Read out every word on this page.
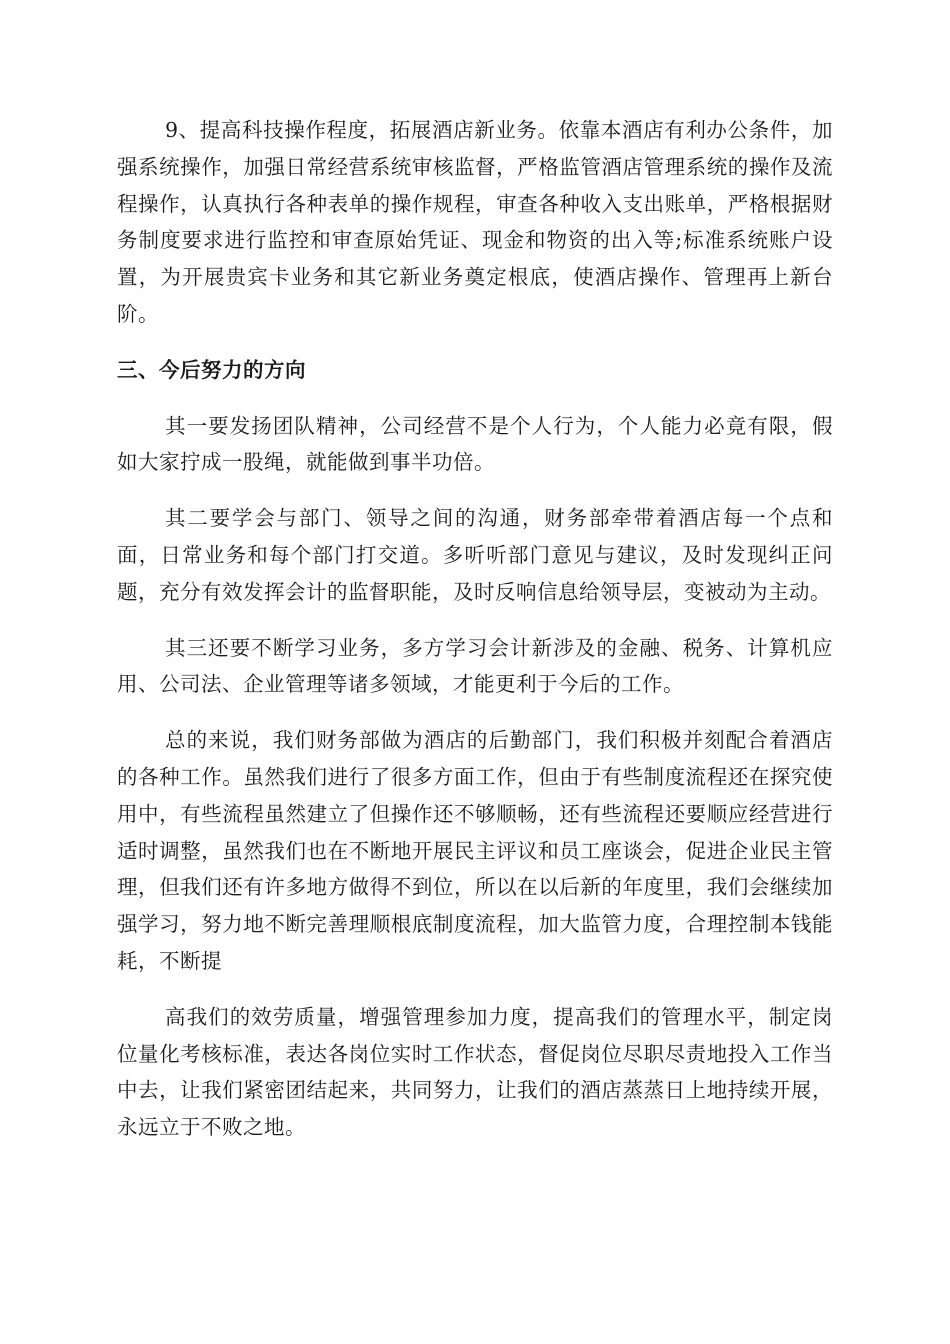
9、提高科技操作程度，拓展酒店新业务。依靠本酒店有利办公条件，加强系统操作，加强日常经营系统审核监督，严格监管酒店管理系统的操作及流程操作，认真执行各种表单的操作规程，审查各种收入支出账单，严格根据财务制度要求进行监控和审查原始凭证、现金和物资的出入等;标准系统账户设置，为开展贵宾卡业务和其它新业务奠定根底，使酒店操作、管理再上新台阶。

三、今后努力的方向

其一要发扬团队精神，公司经营不是个人行为，个人能力必竟有限，假如大家拧成一股绳，就能做到事半功倍。

其二要学会与部门、领导之间的沟通，财务部牵带着酒店每一个点和面，日常业务和每个部门打交道。多听听部门意见与建议，及时发现纠正问题，充分有效发挥会计的监督职能，及时反响信息给领导层，变被动为主动。

其三还要不断学习业务，多方学习会计新涉及的金融、税务、计算机应用、公司法、企业管理等诸多领域，才能更利于今后的工作。

总的来说，我们财务部做为酒店的后勤部门，我们积极并刻配合着酒店的各种工作。虽然我们进行了很多方面工作，但由于有些制度流程还在探究使用中，有些流程虽然建立了但操作还不够顺畅，还有些流程还要顺应经营进行适时调整，虽然我们也在不断地开展民主评议和员工座谈会，促进企业民主管理，但我们还有许多地方做得不到位，所以在以后新的年度里，我们会继续加强学习，努力地不断完善理顺根底制度流程，加大监管力度，合理控制本钱能耗，不断提

高我们的效劳质量，增强管理参加力度，提高我们的管理水平，制定岗位量化考核标准，表达各岗位实时工作状态，督促岗位尽职尽责地投入工作当中去，让我们紧密团结起来，共同努力，让我们的酒店蒸蒸日上地持续开展，永远立于不败之地。
